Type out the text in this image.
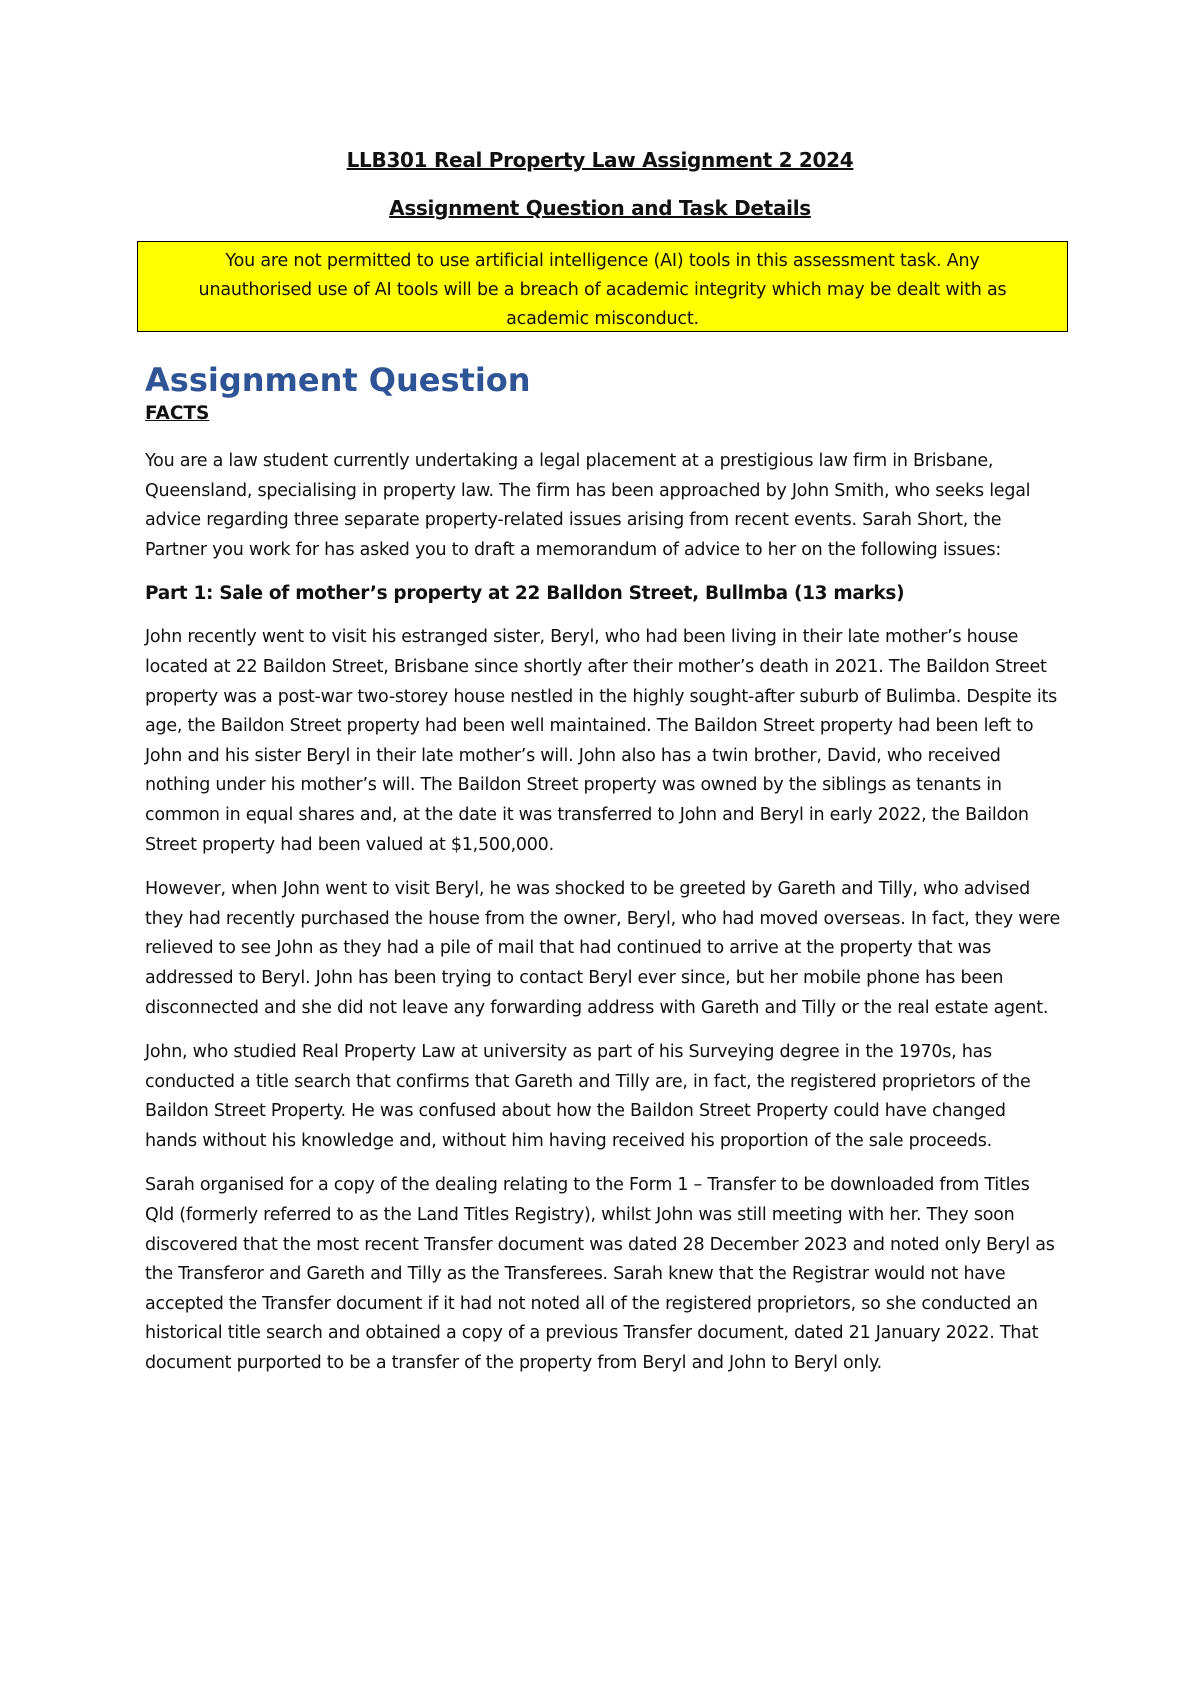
LLB301 Real Property Law Assignment 2 2024
Assignment Question and Task Details
You are not permitted to use artificial intelligence (AI) tools in this assessment task. Any unauthorised use of AI tools will be a breach of academic integrity which may be dealt with as academic misconduct.
Assignment Question
FACTS

You are a law student currently undertaking a legal placement at a prestigious law firm in Brisbane, Queensland, specialising in property law. The firm has been approached by John Smith, who seeks legal advice regarding three separate property-related issues arising from recent events. Sarah Short, the Partner you work for has asked you to draft a memorandum of advice to her on the following issues:

Part 1: Sale of mother’s property at 22 Balldon Street, Bullmba (13 marks)

John recently went to visit his estranged sister, Beryl, who had been living in their late mother’s house located at 22 Baildon Street, Brisbane since shortly after their mother’s death in 2021. The Baildon Street property was a post-war two-storey house nestled in the highly sought-after suburb of Bulimba. Despite its age, the Baildon Street property had been well maintained. The Baildon Street property had been left to John and his sister Beryl in their late mother’s will. John also has a twin brother, David, who received nothing under his mother’s will. The Baildon Street property was owned by the siblings as tenants in common in equal shares and, at the date it was transferred to John and Beryl in early 2022, the Baildon Street property had been valued at $1,500,000.

However, when John went to visit Beryl, he was shocked to be greeted by Gareth and Tilly, who advised they had recently purchased the house from the owner, Beryl, who had moved overseas. In fact, they were relieved to see John as they had a pile of mail that had continued to arrive at the property that was addressed to Beryl. John has been trying to contact Beryl ever since, but her mobile phone has been disconnected and she did not leave any forwarding address with Gareth and Tilly or the real estate agent.

John, who studied Real Property Law at university as part of his Surveying degree in the 1970s, has conducted a title search that confirms that Gareth and Tilly are, in fact, the registered proprietors of the Baildon Street Property. He was confused about how the Baildon Street Property could have changed hands without his knowledge and, without him having received his proportion of the sale proceeds.

Sarah organised for a copy of the dealing relating to the Form 1 – Transfer to be downloaded from Titles Qld (formerly referred to as the Land Titles Registry), whilst John was still meeting with her. They soon discovered that the most recent Transfer document was dated 28 December 2023 and noted only Beryl as the Transferor and Gareth and Tilly as the Transferees. Sarah knew that the Registrar would not have accepted the Transfer document if it had not noted all of the registered proprietors, so she conducted an historical title search and obtained a copy of a previous Transfer document, dated 21 January 2022. That document purported to be a transfer of the property from Beryl and John to Beryl only.
